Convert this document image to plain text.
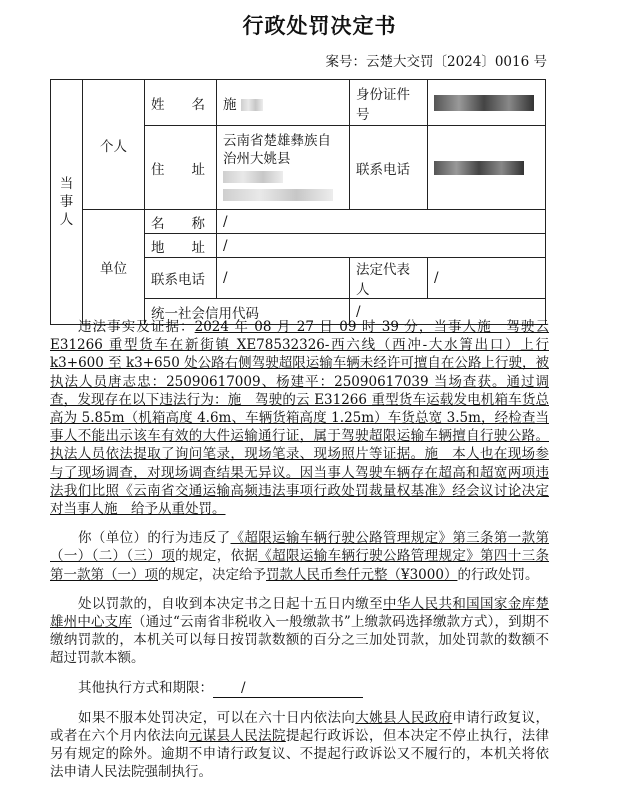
行政处罚决定书
案号：云楚大交罚〔2024〕0016 号
当事人	个人	姓　　名	施	身份证件号	
		住　　址	云南省楚雄彝族自治州大姚县	联系电话	
	单位	名　　称	/		
		地　　址	/		
		联系电话	/	法定代表人	/
		统一社会信用代码		/	

违法事实及证据：2024 年 08 月 27 日 09 时 39 分，当事人施　驾驶云 E31266 重型货车在新街镇 XE78532326-西六线（西冲-大水箐出口）上行 k3+600 至 k3+650 处公路右侧驾驶超限运输车辆未经许可擅自在公路上行驶，被执法人员唐志忠：25090617009、杨建平：25090617039 当场查获。通过调查，发现存在以下违法行为：施　驾驶的云 E31266 重型货车运载发电机箱车货总高为 5.85m（机箱高度 4.6m、车辆货箱高度 1.25m）车货总宽 3.5m，经检查当事人不能出示该车有效的大件运输通行证，属于驾驶超限运输车辆擅自行驶公路。执法人员依法提取了询问笔录，现场笔录、现场照片等证据。施　本人也在现场参与了现场调查，对现场调查结果无异议。因当事人驾驶车辆存在超高和超宽两项违法我们比照《云南省交通运输高频违法事项行政处罚裁量权基准》经会议讨论决定对当事人施　给予从重处罚。

你（单位）的行为违反了《超限运输车辆行驶公路管理规定》第三条第一款第（一）（二）（三）项的规定，依据《超限运输车辆行驶公路管理规定》第四十三条第一款第（一）项的规定，决定给予罚款人民币叁仟元整（¥3000）的行政处罚。

处以罚款的，自收到本决定书之日起十五日内缴至中华人民共和国国家金库楚雄州中心支库（通过“云南省非税收入一般缴款书”上缴款码选择缴款方式），到期不缴纳罚款的，本机关可以每日按罚款数额的百分之三加处罚款，加处罚款的数额不超过罚款本额。

其他执行方式和期限： /

如果不服本处罚决定，可以在六十日内依法向大姚县人民政府申请行政复议，或者在六个月内依法向元谋县人民法院提起行政诉讼，但本决定不停止执行，法律另有规定的除外。逾期不申请行政复议、不提起行政诉讼又不履行的，本机关将依法申请人民法院强制执行。
